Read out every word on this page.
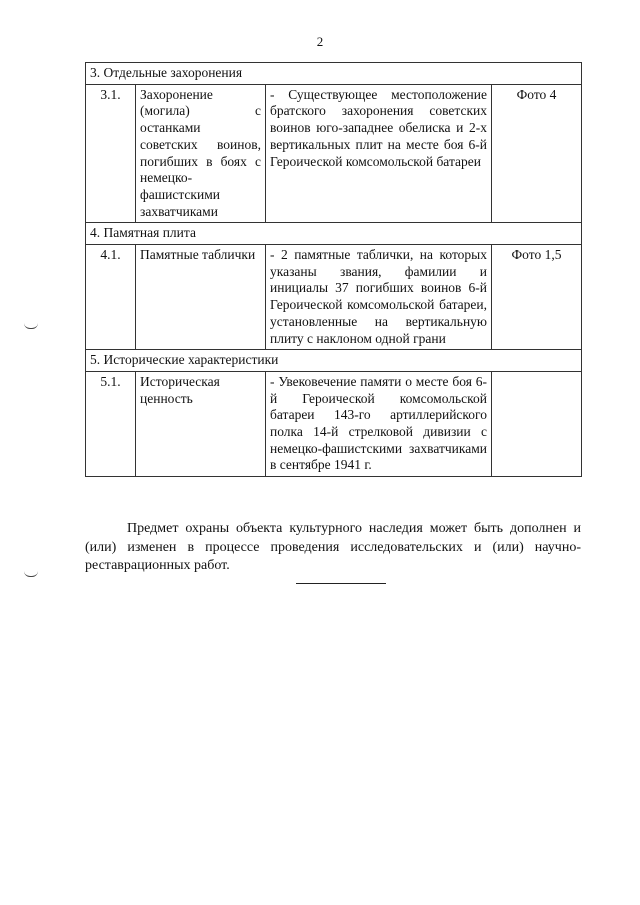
2
3. Отдельные захоронения			
3.1.	Захоронение (могила) с останками советских воинов, погибших в боях с немецко-фашистскими захватчиками	- Существующее местоположение братского захоронения советских воинов юго-западнее обелиска и 2-х вертикальных плит на месте боя 6-й Героической комсомольской батареи	Фото 4
4. Памятная плита			
4.1.	Памятные таблички	- 2 памятные таблички, на которых указаны звания, фамилии и инициалы 37 погибших воинов 6-й Героической комсомольской батареи, установленные на вертикальную плиту с наклоном одной грани	Фото 1,5
5. Исторические характеристики			
5.1.	Историческая ценность	- Увековечение памяти о месте боя 6-й Героической комсомольской батареи 143-го артиллерийского полка 14-й стрелковой дивизии с немецко-фашистскими захватчиками в сентябре 1941 г.	

Предмет охраны объекта культурного наследия может быть дополнен и (или) изменен в процессе проведения исследовательских и (или) научно-реставрационных работ.
